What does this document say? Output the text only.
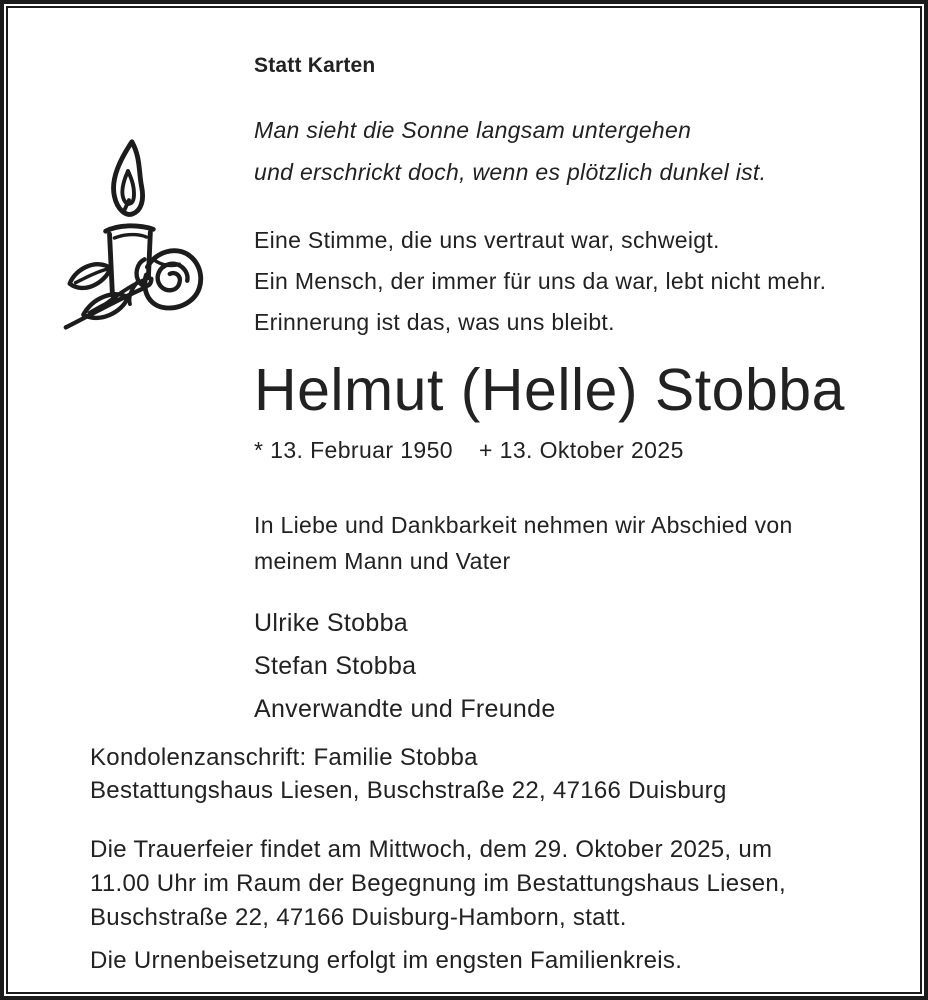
Statt Karten
Man sieht die Sonne langsam untergehen
und erschrickt doch, wenn es plötzlich dunkel ist.
Eine Stimme, die uns vertraut war, schweigt.
Ein Mensch, der immer für uns da war, lebt nicht mehr.
Erinnerung ist das, was uns bleibt.
Helmut (Helle) Stobba
* 13. Februar 1950 + 13. Oktober 2025
In Liebe und Dankbarkeit nehmen wir Abschied von
meinem Mann und Vater
Ulrike Stobba
Stefan Stobba
Anverwandte und Freunde
Kondolenzanschrift: Familie Stobba
Bestattungshaus Liesen, Buschstraße 22, 47166 Duisburg
Die Trauerfeier findet am Mittwoch, dem 29. Oktober 2025, um
11.00 Uhr im Raum der Begegnung im Bestattungshaus Liesen,
Buschstraße 22, 47166 Duisburg-Hamborn, statt.
Die Urnenbeisetzung erfolgt im engsten Familienkreis.
